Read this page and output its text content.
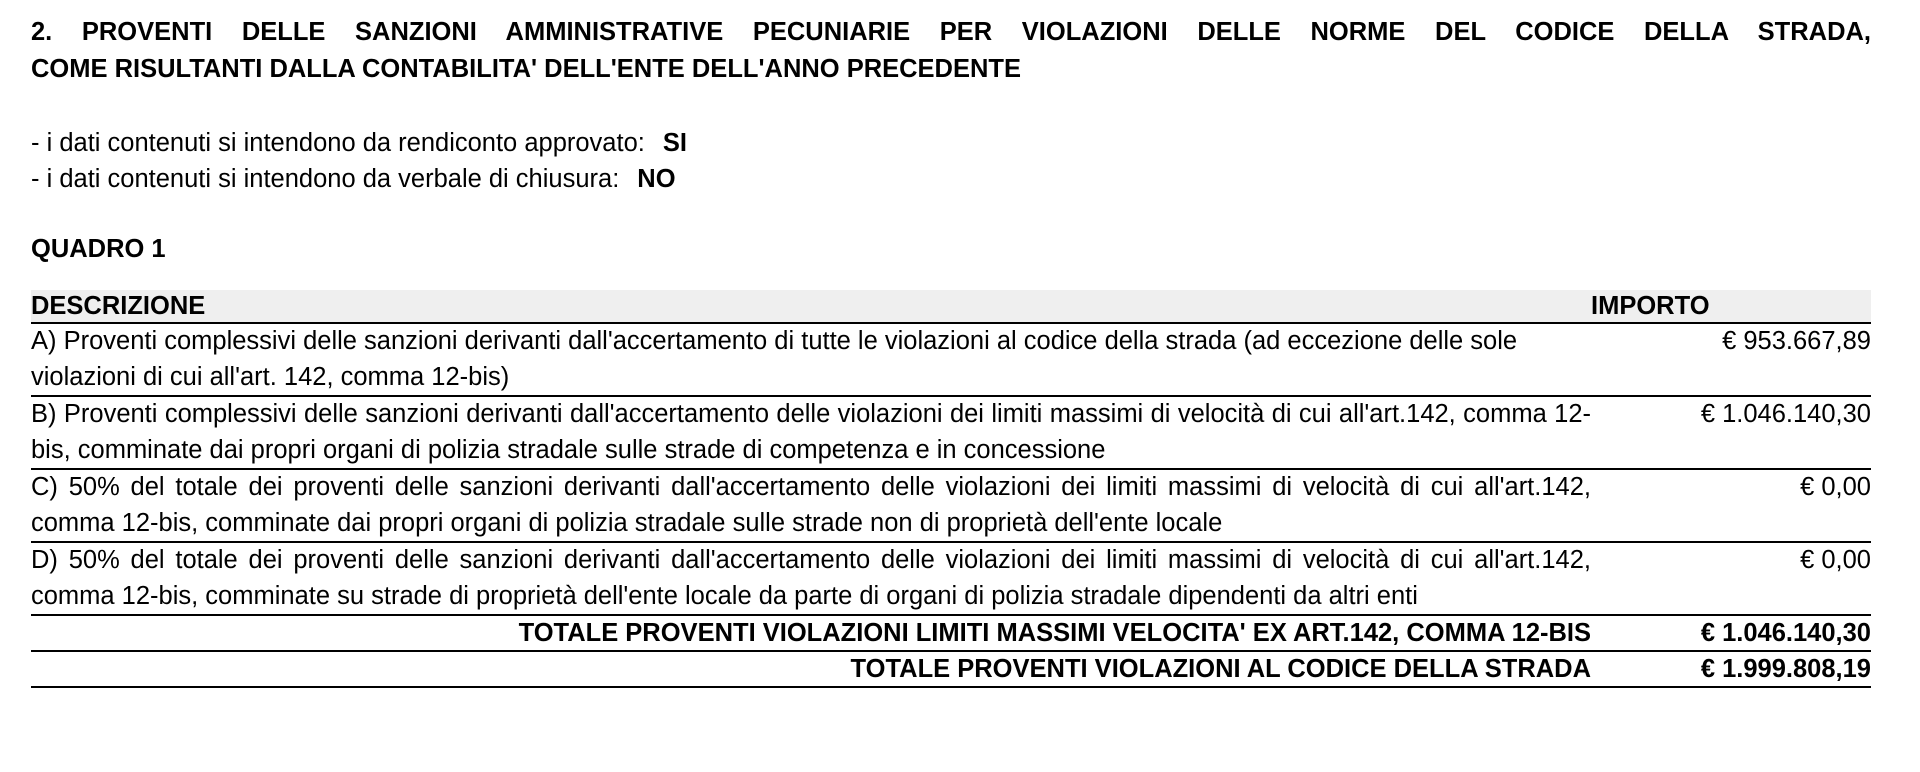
2. PROVENTI DELLE SANZIONI AMMINISTRATIVE PECUNIARIE PER VIOLAZIONI DELLE NORME DEL CODICE DELLA STRADA,
COME RISULTANTI DALLA CONTABILITA' DELL'ENTE DELL'ANNO PRECEDENTE
- i dati contenuti si intendono da rendiconto approvato: SI
- i dati contenuti si intendono da verbale di chiusura: NO
QUADRO 1
DESCRIZIONE	IMPORTO
A) Proventi complessivi delle sanzioni derivanti dall'accertamento di tutte le violazioni al codice della strada (ad eccezione delle sole violazioni di cui all'art. 142, comma 12-bis)	€ 953.667,89
B) Proventi complessivi delle sanzioni derivanti dall'accertamento delle violazioni dei limiti massimi di velocità di cui all'art.142, comma 12-bis, comminate dai propri organi di polizia stradale sulle strade di competenza e in concessione	€ 1.046.140,30
C) 50% del totale dei proventi delle sanzioni derivanti dall'accertamento delle violazioni dei limiti massimi di velocità di cui all'art.142, comma 12-bis, comminate dai propri organi di polizia stradale sulle strade non di proprietà dell'ente locale	€ 0,00
D) 50% del totale dei proventi delle sanzioni derivanti dall'accertamento delle violazioni dei limiti massimi di velocità di cui all'art.142, comma 12-bis, comminate su strade di proprietà dell'ente locale da parte di organi di polizia stradale dipendenti da altri enti	€ 0,00
TOTALE PROVENTI VIOLAZIONI LIMITI MASSIMI VELOCITA' EX ART.142, COMMA 12-BIS	€ 1.046.140,30
TOTALE PROVENTI VIOLAZIONI AL CODICE DELLA STRADA	€ 1.999.808,19
